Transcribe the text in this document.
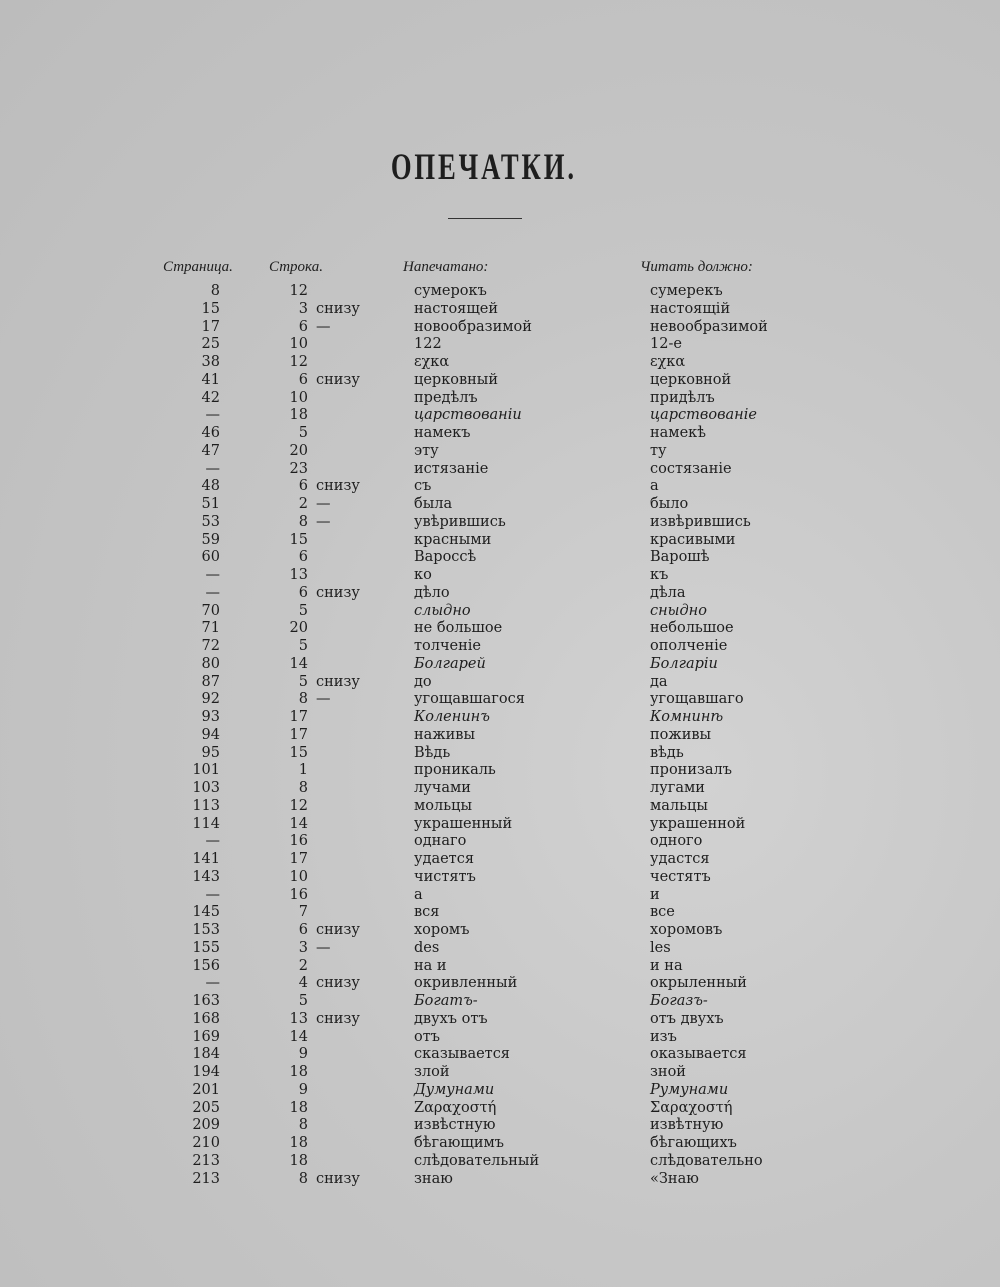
ОПЕЧАТКИ.
Страница. Строка.	Напечатано:	Читать должно:
8	12	сумерокъ	сумерекъ
15	3 снизу	настоящей	настоящій
17	6 —	новообразимой	невообразимой
25	10	122	12-е
38	12	ɛχκα	ɛχκα
41	6 снизу	церковный	церковной
42	10	предѣлъ	придѣлъ
—	18	царствованiи	царствованiе
46	5	намекъ	намекѣ
47	20	эту	ту
—	23	истязанiе	состязанiе
48	6 снизу	съ	а
51	2 —	была	было
53	8 —	увѣрившись	извѣрившись
59	15	красными	красивыми
60	6	Варосcѣ	Варошѣ
—	13	ко	къ
—	6 снизу	дѣло	дѣла
70	5	слыдно	сныдно
71	20	не большое	небольшое
72	5	толченiе	ополченiе
80	14	Болгарей	Болгарiи
87	5 снизу	до	да
92	8 —	угощавшагося	угощавшаго
93	17	Коленинъ	Комнинѣ
94	17	наживы	поживы
95	15	Вѣдь	вѣдь
101	1	проникаль	пронизалъ
103	8	лучами	лугами
113	12	мольцы	мальцы
114	14	украшенный	украшенной
—	16	однаго	одного
141	17	удается	удастся
143	10	чистятъ	честятъ
—	16	а	и
145	7	вся	все
153	6 снизу	хоромъ	хоромовъ
155	3 —	des	les
156	2	на и	и на
—	4 снизу	окривленный	окрыленный
163	5	Богатъ-	Богазъ-
168	13 снизу	двухъ отъ	отъ двухъ
169	14	отъ	изъ
184	9	сказывается	оказывается
194	18	злой	зной
201	9	Думунами	Румунами
205	18	Ζαραχοστή	Σαραχοστή
209	8	извѣстную	извѣтную
210	18	бѣгающимъ	бѣгающихъ
213	18	слѣдовательный	слѣдовательно
213	8 снизу	знаю	«Знаю
